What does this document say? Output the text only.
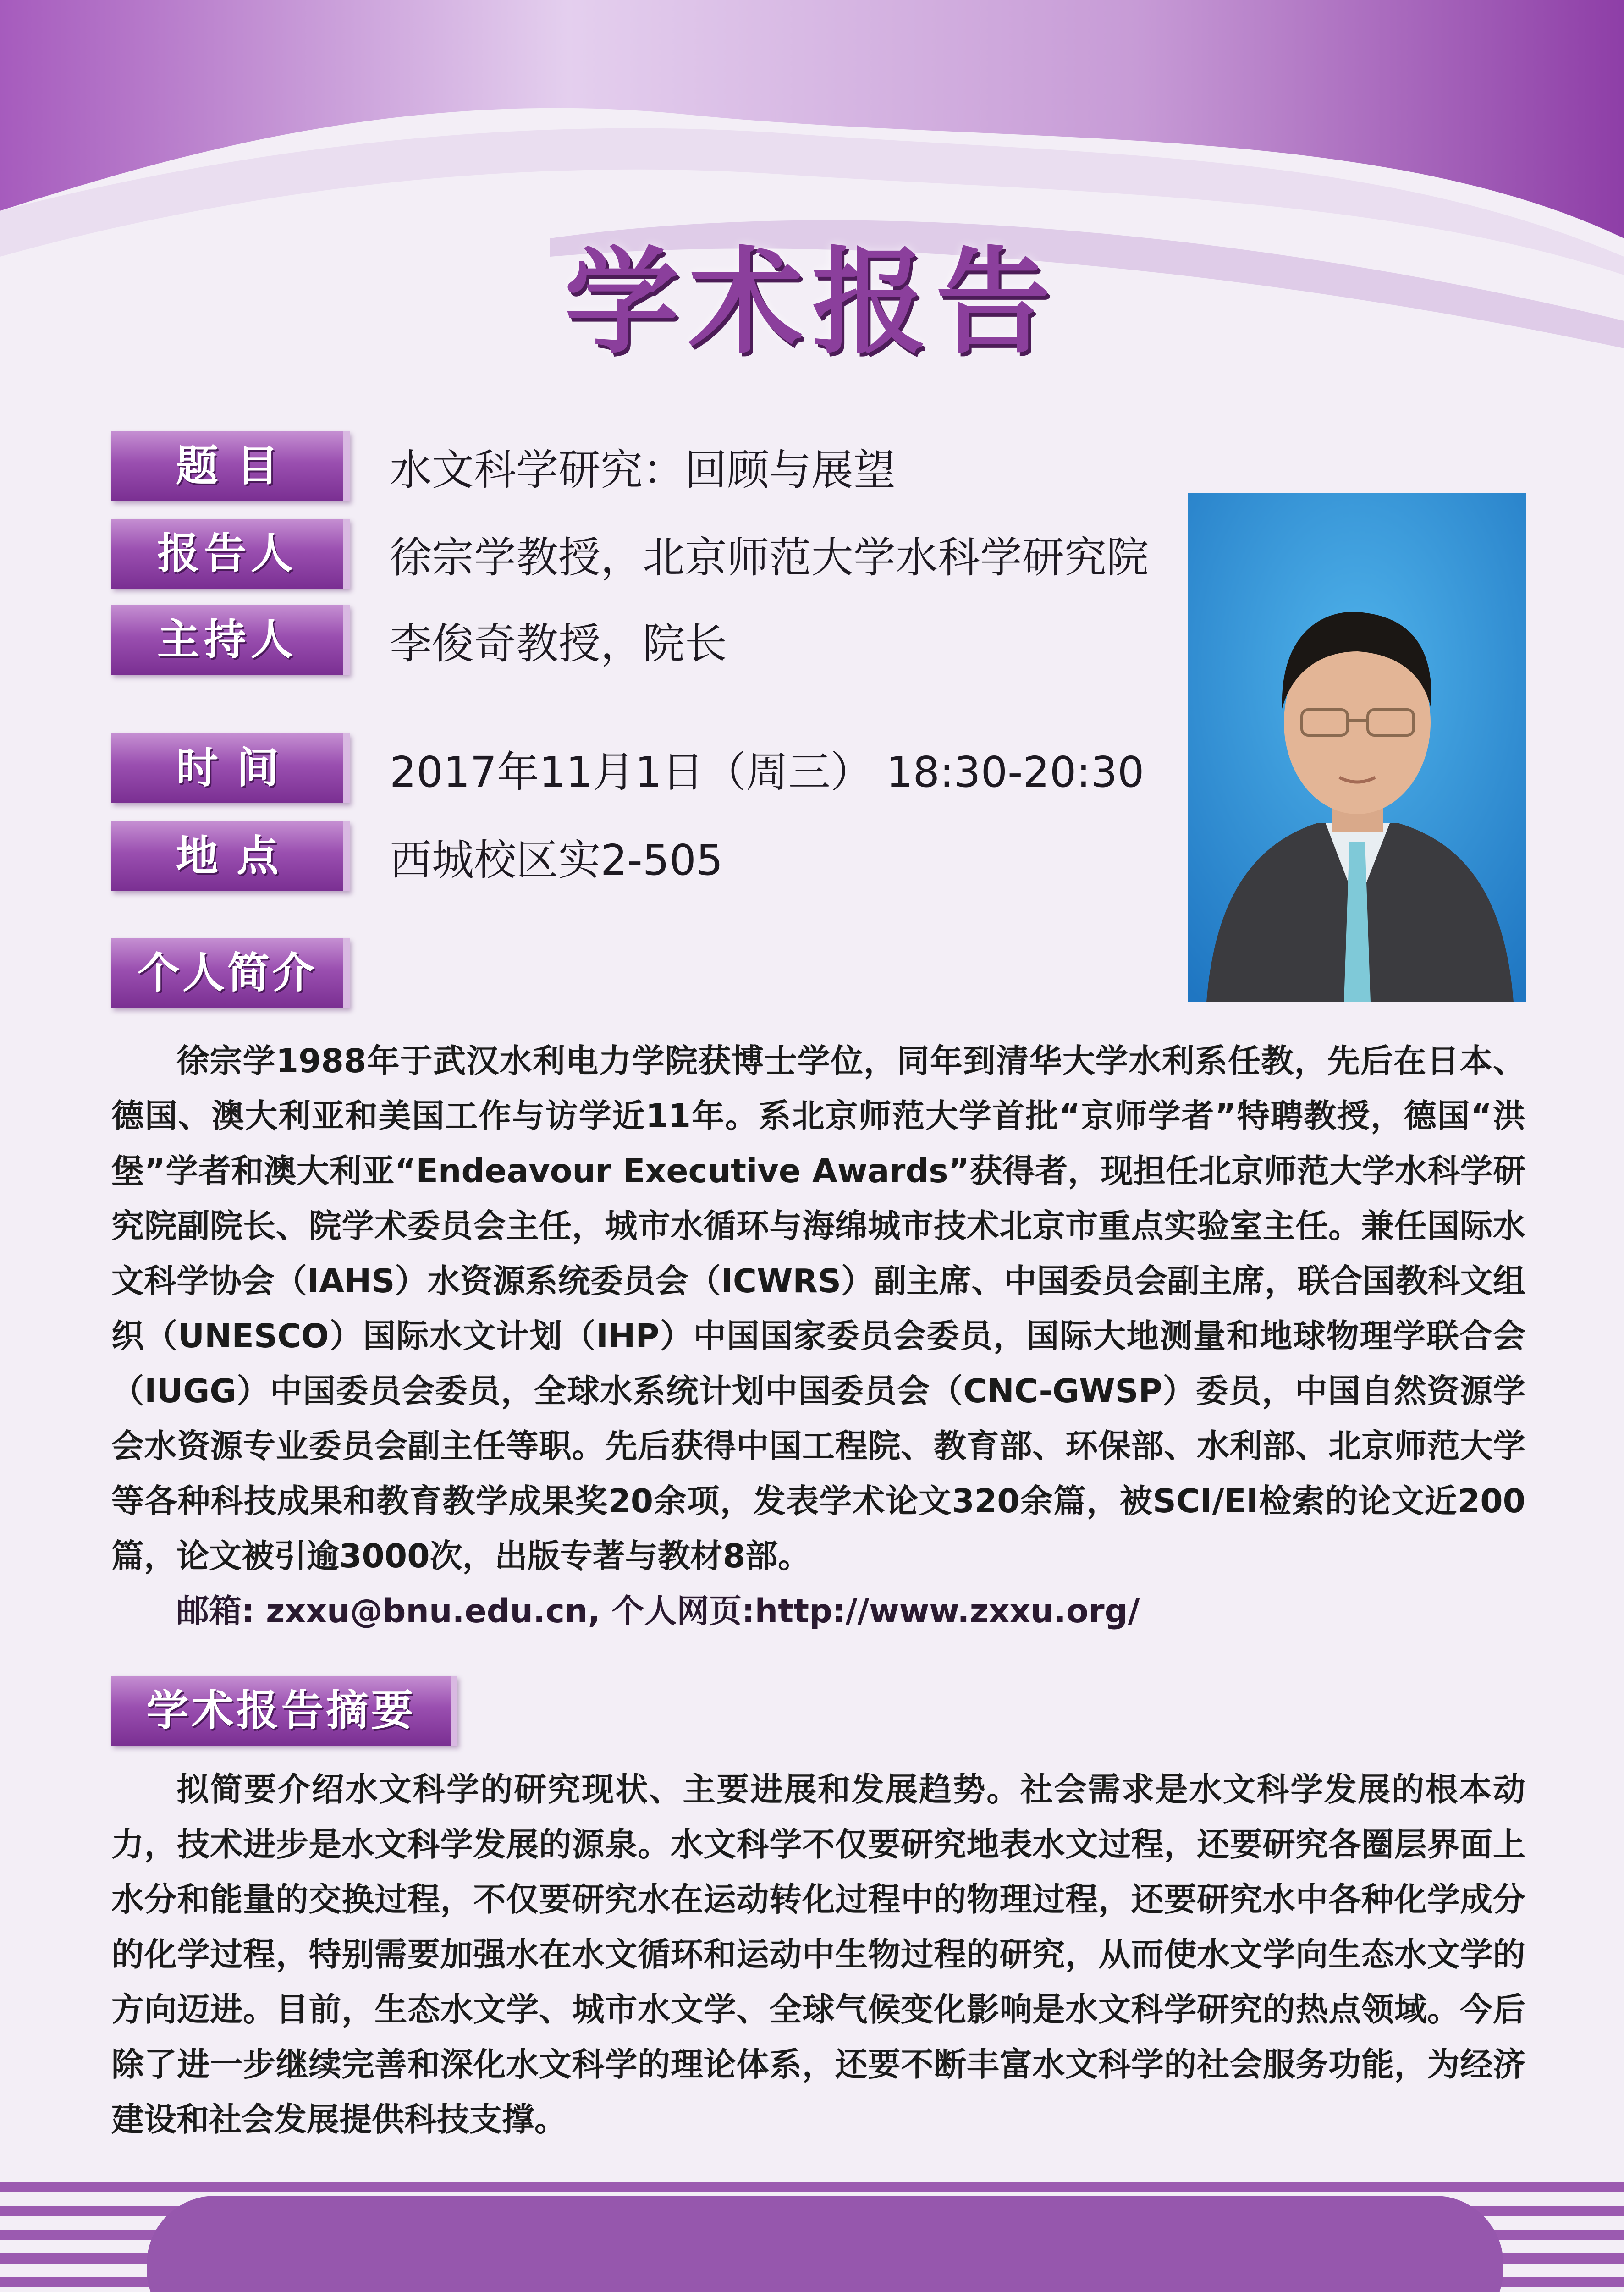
学术报告
题目	水文科学研究：回顾与展望
报告人	徐宗学教授，北京师范大学水科学研究院
主持人	李俊奇教授，院长
时间	2017年11月1日（周三） 18:30-20:30
地点	西城校区实2-505
个人简介

徐宗学1988年于武汉水利电力学院获博士学位，同年到清华大学水利系任教，先后在日本、德国、澳大利亚和美国工作与访学近11年。系北京师范大学首批“京师学者”特聘教授，德国“洪堡”学者和澳大利亚“Endeavour Executive Awards”获得者，现担任北京师范大学水科学研究院副院长、院学术委员会主任，城市水循环与海绵城市技术北京市重点实验室主任。兼任国际水文科学协会（IAHS）水资源系统委员会（ICWRS）副主席、中国委员会副主席，联合国教科文组织（UNESCO）国际水文计划（IHP）中国国家委员会委员，国际大地测量和地球物理学联合会（IUGG）中国委员会委员，全球水系统计划中国委员会（CNC-GWSP）委员，中国自然资源学会水资源专业委员会副主任等职。先后获得中国工程院、教育部、环保部、水利部、北京师范大学等各种科技成果和教育教学成果奖20余项，发表学术论文320余篇，被SCI/EI检索的论文近200篇，论文被引逾3000次，出版专著与教材8部。

邮箱: zxxu@bnu.edu.cn, 个人网页:http://www.zxxu.org/
学术报告摘要

拟简要介绍水文科学的研究现状、主要进展和发展趋势。社会需求是水文科学发展的根本动力，技术进步是水文科学发展的源泉。水文科学不仅要研究地表水文过程，还要研究各圈层界面上水分和能量的交换过程，不仅要研究水在运动转化过程中的物理过程，还要研究水中各种化学成分的化学过程，特别需要加强水在水文循环和运动中生物过程的研究，从而使水文学向生态水文学的方向迈进。目前，生态水文学、城市水文学、全球气候变化影响是水文科学研究的热点领域。今后除了进一步继续完善和深化水文科学的理论体系，还要不断丰富水文科学的社会服务功能，为经济建设和社会发展提供科技支撑。
